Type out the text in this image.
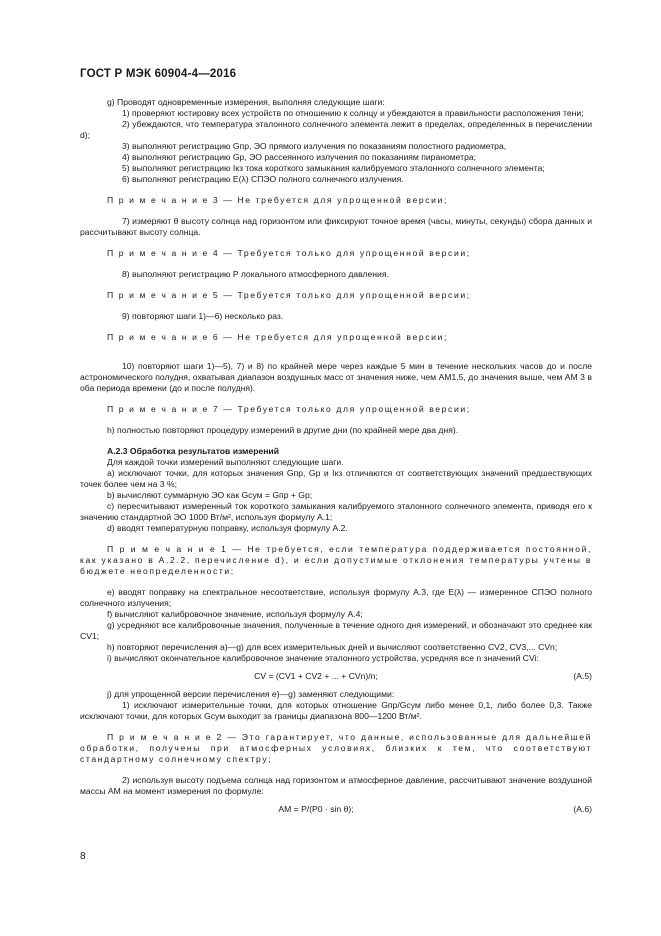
ГОСТ Р МЭК 60904-4—2016

g) Проводят одновременные измерения, выполняя следующие шаги:

1) проверяют юстировку всех устройств по отношению к солнцу и убеждаются в правильности расположения тени;

2) убеждаются, что температура эталонного солнечного элемента лежит в пределах, определенных в перечислении d);

3) выполняют регистрацию Gпр, ЭО прямого излучения по показаниям полостного радиометра,

4) выполняют регистрацию Gр, ЭО рассеянного излучения по показаниям пиранометра;

5) выполняют регистрацию Iкз тока короткого замыкания калибруемого эталонного солнечного элемента;

6) выполняют регистрацию E(λ) СПЭО полного солнечного излучения.

П р и м е ч а н и е 3 — Не требуется для упрощенной версии;

7) измеряют θ высоту солнца над горизонтом или фиксируют точное время (часы, минуты, секунды) сбора данных и рассчитывают высоту солнца.

П р и м е ч а н и е 4 — Требуется только для упрощенной версии;

8) выполняют регистрацию P локального атмосферного давления.

П р и м е ч а н и е 5 — Требуется только для упрощенной версии;

9) повторяют шаги 1)—6) несколько раз.

П р и м е ч а н и е 6 — Не требуется для упрощенной версии;

10) повторяют шаги 1)—5), 7) и 8) по крайней мере через каждые 5 мин в течение нескольких часов до и после астрономического полудня, охватывая диапазон воздушных масс от значения ниже, чем AM1.5, до значения выше, чем AM 3 в оба периода времени (до и после полудня).

П р и м е ч а н и е 7 — Требуется только для упрощенной версии;

h) полностью повторяют процедуру измерений в другие дни (по крайней мере два дня).

A.2.3 Обработка результатов измерений

Для каждой точки измерений выполняют следующие шаги.

а) исключают точки, для которых значения Gпр, Gр и Iкз отличаются от соответствующих значений предшествующих точек более чем на 3 %;

b) вычисляют суммарную ЭО как Gсум = Gпр + Gр;

c) пересчитывают измеренный ток короткого замыкания калибруемого эталонного солнечного элемента, приводя его к значению стандартной ЭО 1000 Вт/м², используя формулу А.1;

d) вводят температурную поправку, используя формулу А.2.

П р и м е ч а н и е 1 — Не требуется, если температура поддерживается постоянной, как указано в А.2.2, перечисление d), и если допустимые отклонения температуры учтены в бюджете неопределенности;

e) вводят поправку на спектральное несоответствие, используя формулу А.3, где E(λ) — измеренное СПЭО полного солнечного излучения;

f) вычисляют калибровочное значение, используя формулу А.4;

g) усредняют все калибровочные значения, полученные в течение одного дня измерений, и обозначают это среднее как CV1;

h) повторяют перечисления а)—g) для всех измерительных дней и вычисляют соответственно CV2, CV3,... CVn;

i) вычисляют окончательное калибровочное значение эталонного устройства, усредняя все n значений CVi:

CV = (CV1 + CV2 + ... + CVn)/n;	(A.5)

j) для упрощенной версии перечисления e)—g) заменяют следующими:

1) исключают измерительные точки, для которых отношение Gпр/Gсум либо менее 0,1, либо более 0,3. Также исключают точки, для которых Gсум выходит за границы диапазона 800—1200 Вт/м².

П р и м е ч а н и е 2 — Это гарантирует, что данные, использованные для дальнейшей обработки, получены при атмосферных условиях, близких к тем, что соответствуют стандартному солнечному спектру;

2) используя высоту подъема солнца над горизонтом и атмосферное давление, рассчитывают значение воздушной массы AM на момент измерения по формуле:

AM = P/(P0 · sin θ);	(A.6)
8
